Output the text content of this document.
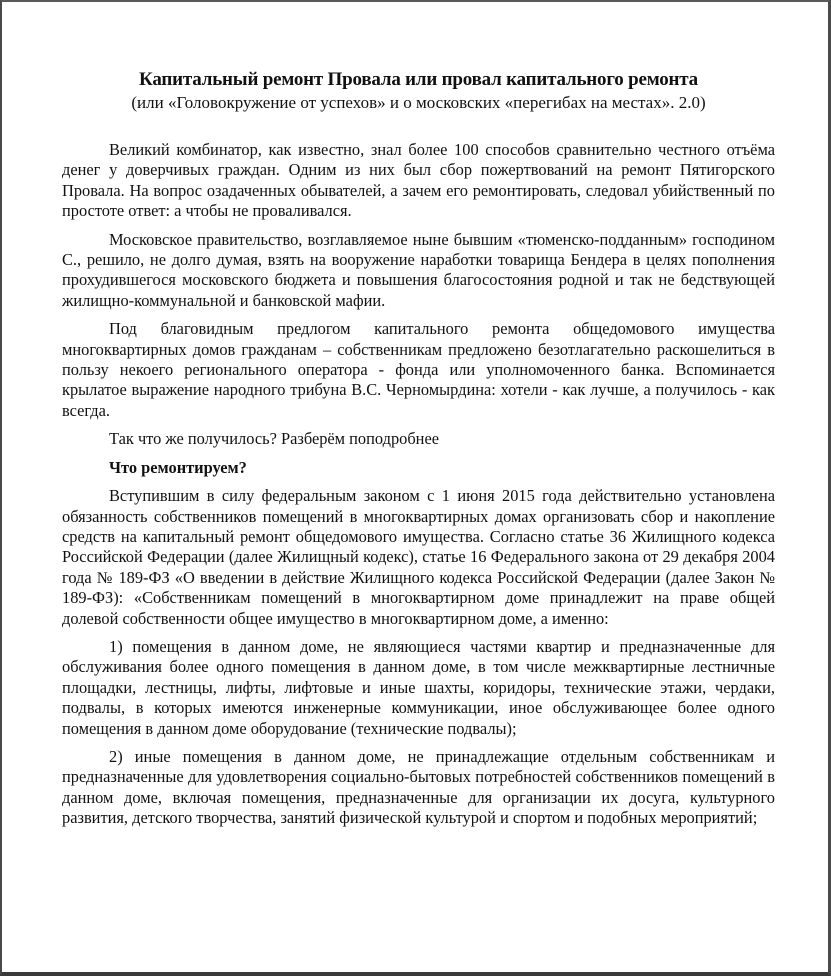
Капитальный ремонт Провала или провал капитального ремонта
(или «Головокружение от успехов» и о московских «перегибах на местах». 2.0)

Великий комбинатор, как известно, знал более 100 способов сравнительно честного отъёма денег у доверчивых граждан. Одним из них был сбор пожертвований на ремонт Пятигорского Провала. На вопрос озадаченных обывателей, а зачем его ремонтировать, следовал убийственный по простоте ответ: а чтобы не проваливался.

Московское правительство, возглавляемое ныне бывшим «тюменско-подданным» господином С., решило, не долго думая, взять на вооружение наработки товарища Бендера в целях пополнения прохудившегося московского бюджета и повышения благосостояния родной и так не бедствующей жилищно-коммунальной и банковской мафии.

Под благовидным предлогом капитального ремонта общедомового имущества многоквартирных домов гражданам – собственникам предложено безотлагательно раскошелиться в пользу некоего регионального оператора - фонда или уполномоченного банка. Вспоминается крылатое выражение народного трибуна В.С. Черномырдина: хотели - как лучше, а получилось - как всегда.

Так что же получилось? Разберём поподробнее

Что ремонтируем?

Вступившим в силу федеральным законом с 1 июня 2015 года действительно установлена обязанность собственников помещений в многоквартирных домах организовать сбор и накопление средств на капитальный ремонт общедомового имущества. Согласно статье 36 Жилищного кодекса Российской Федерации (далее Жилищный кодекс), статье 16 Федерального закона от 29 декабря 2004 года № 189-ФЗ «О введении в действие Жилищного кодекса Российской Федерации (далее Закон № 189-ФЗ): «Собственникам помещений в многоквартирном доме принадлежит на праве общей долевой собственности общее имущество в многоквартирном доме, а именно:

1) помещения в данном доме, не являющиеся частями квартир и предназначенные для обслуживания более одного помещения в данном доме, в том числе межквартирные лестничные площадки, лестницы, лифты, лифтовые и иные шахты, коридоры, технические этажи, чердаки, подвалы, в которых имеются инженерные коммуникации, иное обслуживающее более одного помещения в данном доме оборудование (технические подвалы);

2) иные помещения в данном доме, не принадлежащие отдельным собственникам и предназначенные для удовлетворения социально-бытовых потребностей собственников помещений в данном доме, включая помещения, предназначенные для организации их досуга, культурного развития, детского творчества, занятий физической культурой и спортом и подобных мероприятий;
